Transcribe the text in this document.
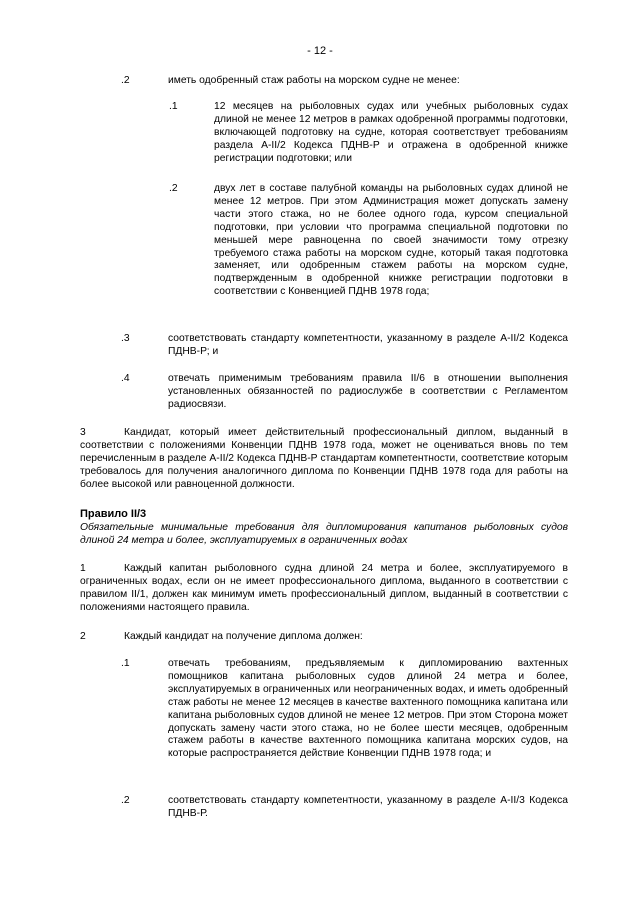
- 12 -
.2	иметь одобренный стаж работы на морском судне не менее:
.1	12 месяцев на рыболовных судах или учебных рыболовных судах длиной не менее 12 метров в рамках одобренной программы подготовки, включающей подготовку на судне, которая соответствует требованиям раздела A-II/2 Кодекса ПДНВ-Р и отражена в одобренной книжке регистрации подготовки; или
.2	двух лет в составе палубной команды на рыболовных судах длиной не менее 12 метров. При этом Администрация может допускать замену части этого стажа, но не более одного года, курсом специальной подготовки, при условии что программа специальной подготовки по меньшей мере равноценна по своей значимости тому отрезку требуемого стажа работы на морском судне, который такая подготовка заменяет, или одобренным стажем работы на морском судне, подтвержденным в одобренной книжке регистрации подготовки в соответствии с Конвенцией ПДНВ 1978 года;
.3	соответствовать стандарту компетентности, указанному в разделе A-II/2 Кодекса ПДНВ-Р; и
.4	отвечать применимым требованиям правила II/6 в отношении выполнения установленных обязанностей по радиослужбе в соответствии с Регламентом радиосвязи.
Кандидат, который имеет действительный профессиональный диплом, выданный в соответствии с положениями Конвенции ПДНВ 1978 года, может не оцениваться вновь по тем перечисленным в разделе A-II/2 Кодекса ПДНВ-Р стандартам компетентности, соответствие которым требовалось для получения аналогичного диплома по Конвенции ПДНВ 1978 года для работы на более высокой или равноценной должности.
3
Правило II/3
Обязательные минимальные требования для дипломирования капитанов рыболовных судов длиной 24 метра и более, эксплуатируемых в ограниченных водах
1	Каждый капитан рыболовного судна длиной 24 метра и более, эксплуатируемого в ограниченных водах, если он не имеет профессионального диплома, выданного в соответствии с правилом II/1, должен как минимум иметь профессиональный диплом, выданный в соответствии с положениями настоящего правила.
2	Каждый кандидат на получение диплома должен:
.1	отвечать требованиям, предъявляемым к дипломированию вахтенных помощников капитана рыболовных судов длиной 24 метра и более, эксплуатируемых в ограниченных или неограниченных водах, и иметь одобренный стаж работы не менее 12 месяцев в качестве вахтенного помощника капитана или капитана рыболовных судов длиной не менее 12 метров. При этом Сторона может допускать замену части этого стажа, но не более шести месяцев, одобренным стажем работы в качестве вахтенного помощника капитана морских судов, на которые распространяется действие Конвенции ПДНВ 1978 года; и
.2	соответствовать стандарту компетентности, указанному в разделе A-II/3 Кодекса ПДНВ-Р.
